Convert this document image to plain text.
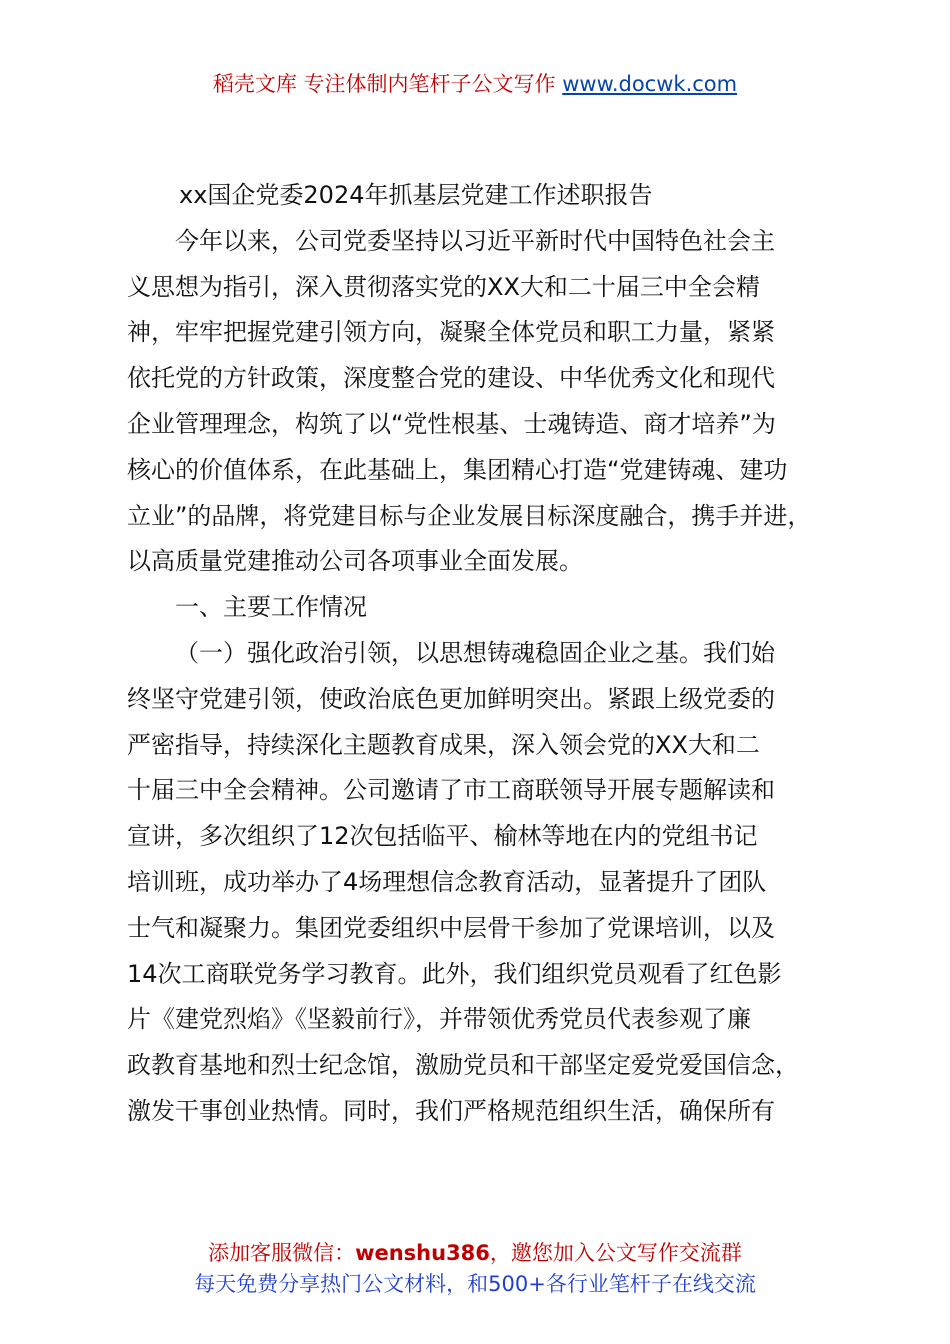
稻壳文库 专注体制内笔杆子公文写作 www.docwk.com
xx国企党委2024年抓基层党建工作述职报告
今年以来，公司党委坚持以习近平新时代中国特色社会主
义思想为指引，深入贯彻落实党的XX大和二十届三中全会精
神，牢牢把握党建引领方向，凝聚全体党员和职工力量，紧紧
依托党的方针政策，深度整合党的建设、中华优秀文化和现代
企业管理理念，构筑了以“党性根基、士魂铸造、商才培养”为
核心的价值体系，在此基础上，集团精心打造“党建铸魂、建功
立业”的品牌，将党建目标与企业发展目标深度融合，携手并进，
以高质量党建推动公司各项事业全面发展。
一、主要工作情况
（一）强化政治引领，以思想铸魂稳固企业之基。我们始
终坚守党建引领，使政治底色更加鲜明突出。紧跟上级党委的
严密指导，持续深化主题教育成果，深入领会党的XX大和二
十届三中全会精神。公司邀请了市工商联领导开展专题解读和
宣讲，多次组织了12次包括临平、榆林等地在内的党组书记
培训班，成功举办了4场理想信念教育活动，显著提升了团队
士气和凝聚力。集团党委组织中层骨干参加了党课培训，以及
14次工商联党务学习教育。此外，我们组织党员观看了红色影
片《建党烈焰》《坚毅前行》，并带领优秀党员代表参观了廉
政教育基地和烈士纪念馆，激励党员和干部坚定爱党爱国信念，
激发干事创业热情。同时，我们严格规范组织生活，确保所有
添加客服微信：wenshu386，邀您加入公文写作交流群
每天免费分享热门公文材料，和500+各行业笔杆子在线交流
